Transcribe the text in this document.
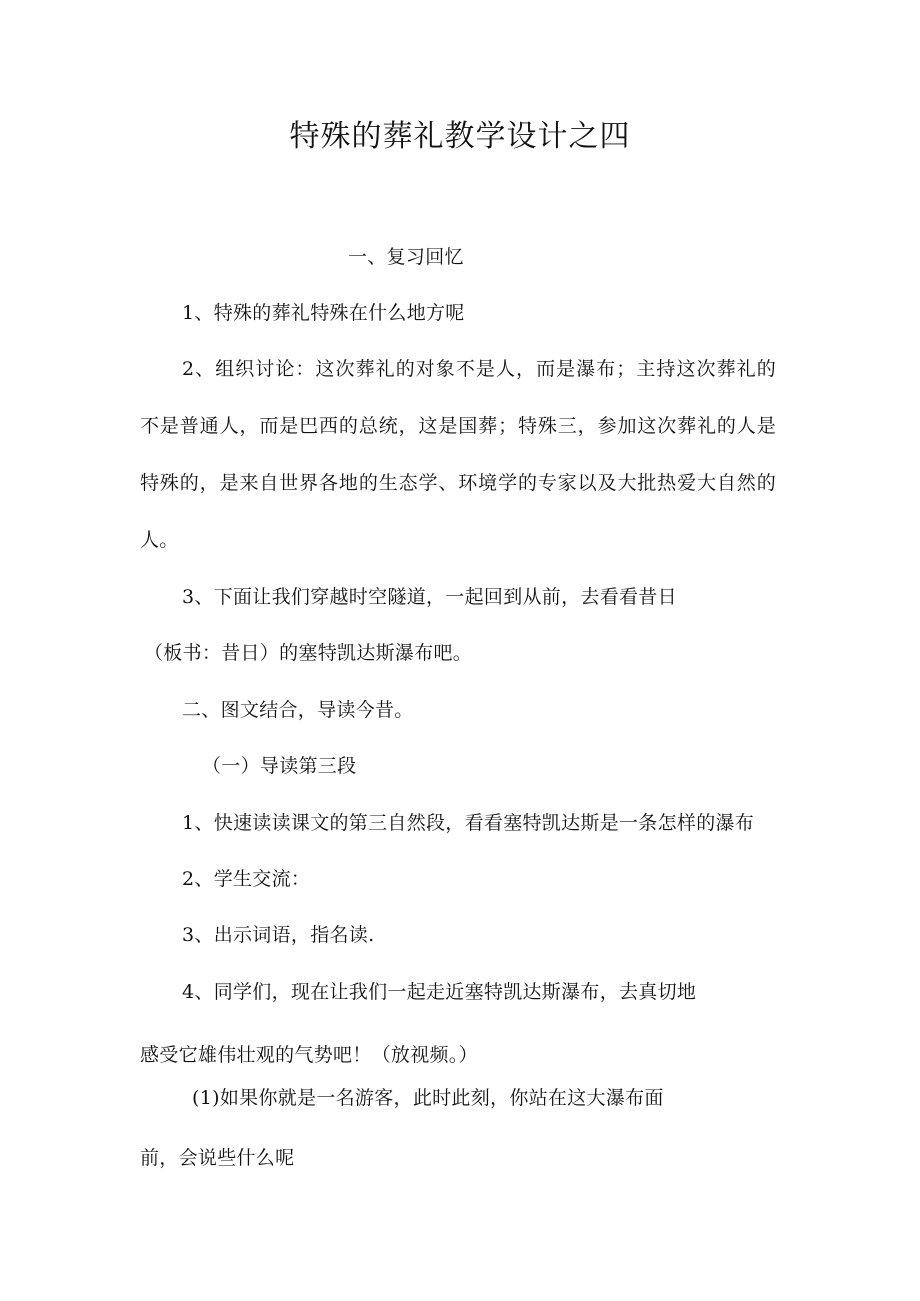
特殊的葬礼教学设计之四
一、复习回忆
1、特殊的葬礼特殊在什么地方呢
2、组织讨论：这次葬礼的对象不是人，而是瀑布；主持这次葬礼的
不是普通人，而是巴西的总统，这是国葬；特殊三，参加这次葬礼的人是
特殊的，是来自世界各地的生态学、环境学的专家以及大批热爱大自然的
人。
3、下面让我们穿越时空隧道，一起回到从前，去看看昔日
（板书：昔日）的塞特凯达斯瀑布吧。
二、图文结合，导读今昔。
（一）导读第三段
1、快速读读课文的第三自然段，看看塞特凯达斯是一条怎样的瀑布
2、学生交流：
3、出示词语，指名读.
4、同学们，现在让我们一起走近塞特凯达斯瀑布，去真切地
感受它雄伟壮观的气势吧！（放视频。）
(1)如果你就是一名游客，此时此刻，你站在这大瀑布面
前，会说些什么呢
